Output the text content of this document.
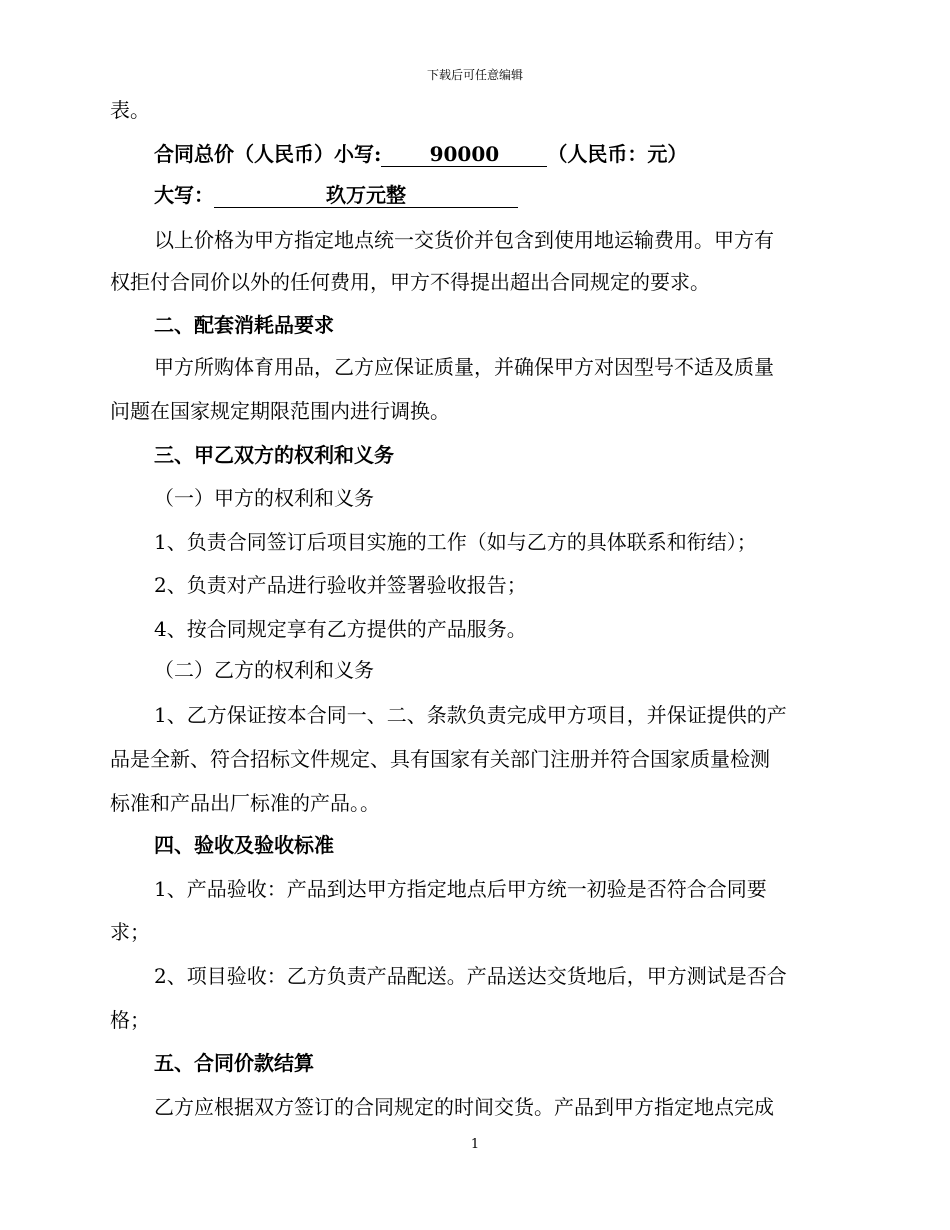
下载后可任意编辑
表。
合同总价（人民币）小写: 90000 （人民币：元）
大写：	玖万元整
以上价格为甲方指定地点统一交货价并包含到使用地运输费用。甲方有
权拒付合同价以外的任何费用，甲方不得提出超出合同规定的要求。
二、配套消耗品要求
甲方所购体育用品，乙方应保证质量，并确保甲方对因型号不适及质量
问题在国家规定期限范围内进行调换。
三、甲乙双方的权利和义务
（一）甲方的权利和义务
1、负责合同签订后项目实施的工作（如与乙方的具体联系和衔结）；
2、负责对产品进行验收并签署验收报告；
4、按合同规定享有乙方提供的产品服务。
（二）乙方的权利和义务
1、乙方保证按本合同一、二、条款负责完成甲方项目，并保证提供的产
品是全新、符合招标文件规定、具有国家有关部门注册并符合国家质量检测
标准和产品出厂标准的产品。。
四、验收及验收标准
1、产品验收：产品到达甲方指定地点后甲方统一初验是否符合合同要
求；
2、项目验收：乙方负责产品配送。产品送达交货地后，甲方测试是否合
格；
五、合同价款结算
乙方应根据双方签订的合同规定的时间交货。产品到甲方指定地点完成
1
